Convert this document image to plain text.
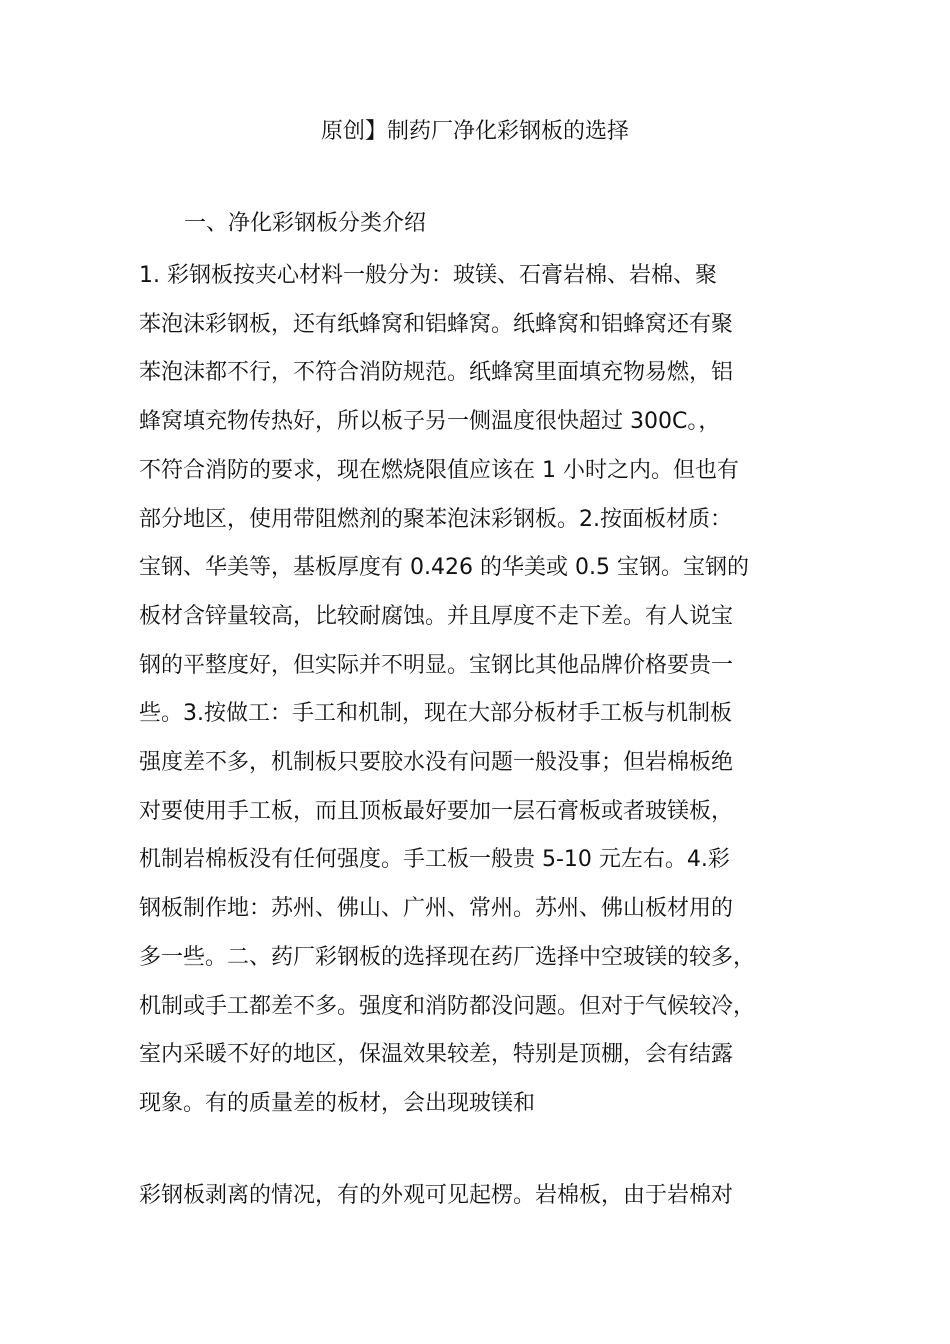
原创】制药厂净化彩钢板的选择
一、净化彩钢板分类介绍

1. 彩钢板按夹心材料一般分为：玻镁、石膏岩棉、岩棉、聚
苯泡沫彩钢板，还有纸蜂窝和铝蜂窝。纸蜂窝和铝蜂窝还有聚
苯泡沫都不行，不符合消防规范。纸蜂窝里面填充物易燃，铝
蜂窝填充物传热好，所以板子另一侧温度很快超过 300C。，
不符合消防的要求，现在燃烧限值应该在 1 小时之内。但也有
部分地区，使用带阻燃剂的聚苯泡沫彩钢板。2.按面板材质：
宝钢、华美等，基板厚度有 0.426 的华美或 0.5 宝钢。宝钢的
板材含锌量较高，比较耐腐蚀。并且厚度不走下差。有人说宝
钢的平整度好，但实际并不明显。宝钢比其他品牌价格要贵一
些。3.按做工：手工和机制，现在大部分板材手工板与机制板
强度差不多，机制板只要胶水没有问题一般没事；但岩棉板绝
对要使用手工板，而且顶板最好要加一层石膏板或者玻镁板，
机制岩棉板没有任何强度。手工板一般贵 5-10 元左右。4.彩
钢板制作地：苏州、佛山、广州、常州。苏州、佛山板材用的
多一些。二、药厂彩钢板的选择现在药厂选择中空玻镁的较多，
机制或手工都差不多。强度和消防都没问题。但对于气候较冷，
室内采暖不好的地区，保温效果较差，特别是顶棚，会有结露
现象。有的质量差的板材，会出现玻镁和

彩钢板剥离的情况，有的外观可见起楞。岩棉板，由于岩棉对
